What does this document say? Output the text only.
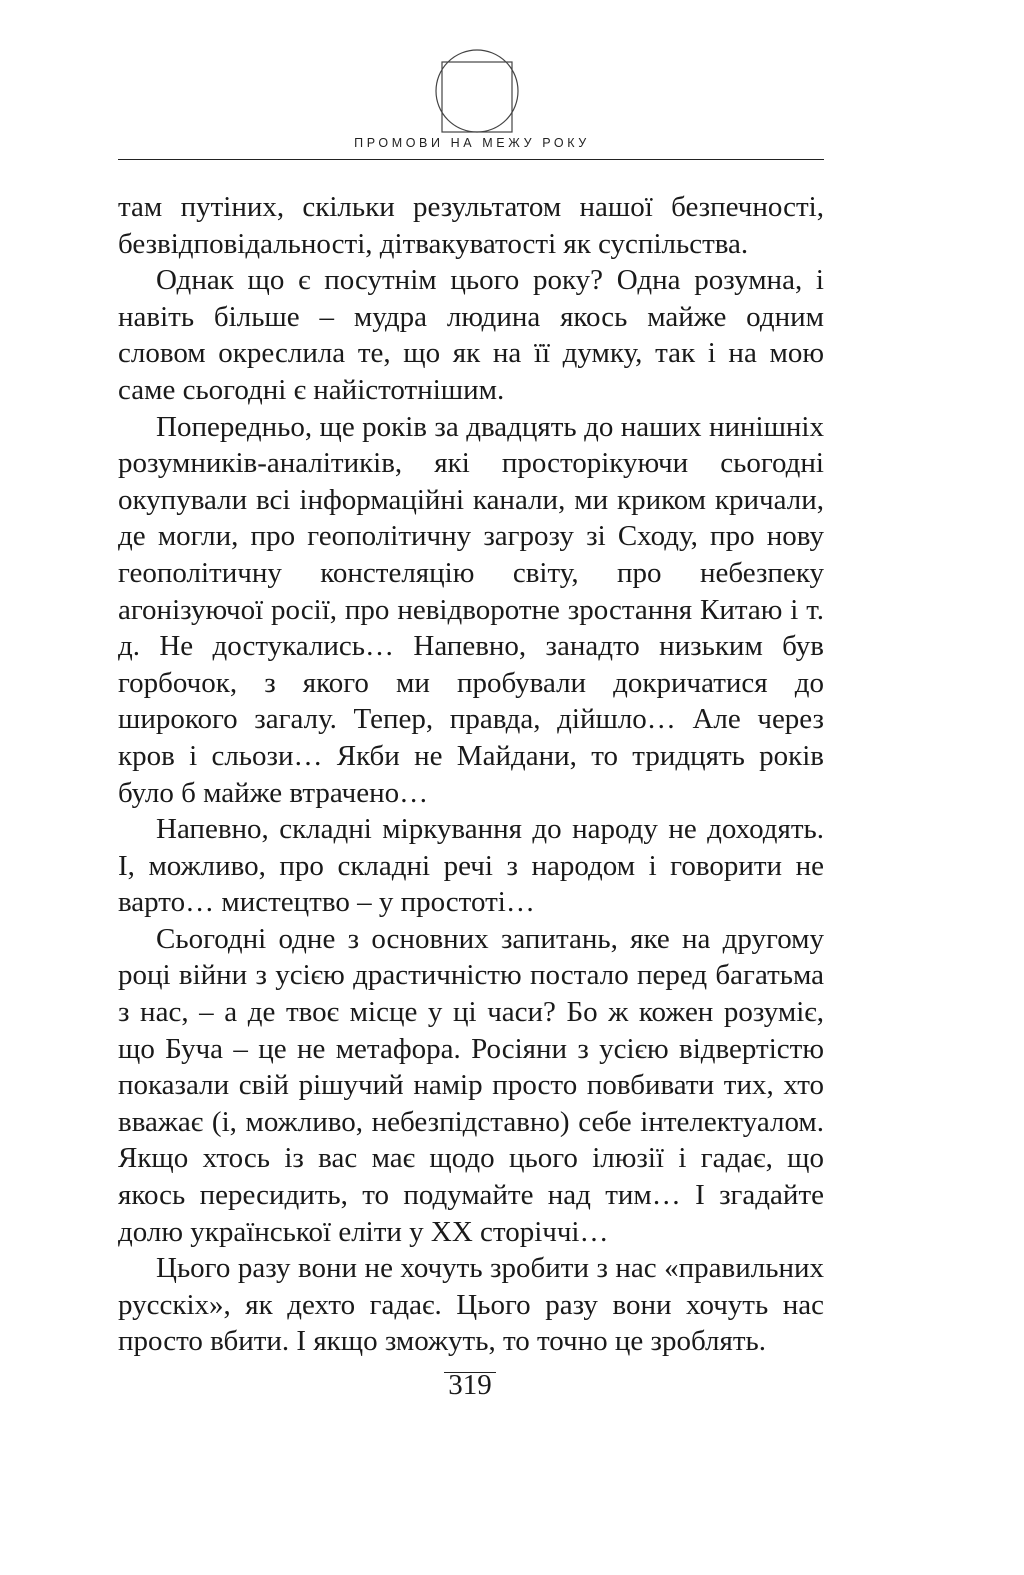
ПРОМОВИ НА МЕЖУ РОКУ

там путіних, скільки результатом нашої безпечності, безвідповідальності, дітвакуватості як суспільства.

Однак що є посутнім цього року? Одна розумна, і навіть більше – мудра людина якось майже одним словом окреслила те, що як на її думку, так і на мою саме сьогодні є найістотнішим.

Попередньо, ще років за двадцять до наших нинішніх розумників-аналітиків, які просторікуючи сьогодні окупували всі інформаційні канали, ми криком кричали, де могли, про геополітичну загрозу зі Сходу, про нову геополітичну констеляцію світу, про небезпеку агонізуючої росії, про невідворотне зростання Китаю і т. д. Не достукались… Напевно, занадто низьким був горбочок, з якого ми пробували докричатися до широкого загалу. Тепер, правда, дійшло… Але через кров і сльози… Якби не Майдани, то тридцять років було б майже втрачено…

Напевно, складні міркування до народу не доходять. І, можливо, про складні речі з народом і говорити не варто… мистецтво – у простоті…

Сьогодні одне з основних запитань, яке на другому році війни з усією драстичністю постало перед багатьма з нас, – а де твоє місце у ці часи? Бо ж кожен розуміє, що Буча – це не метафора. Росіяни з усією відвертістю показали свій рішучий намір просто повбивати тих, хто вважає (і, можливо, небезпідставно) себе інтелектуалом. Якщо хтось із вас має щодо цього ілюзії і гадає, що якось пересидить, то подумайте над тим… І згадайте долю української еліти у XX сторіччі…

Цього разу вони не хочуть зробити з нас «правильних русскіх», як дехто гадає. Цього разу вони хочуть нас просто вбити. І якщо зможуть, то точно це зроблять.

319
